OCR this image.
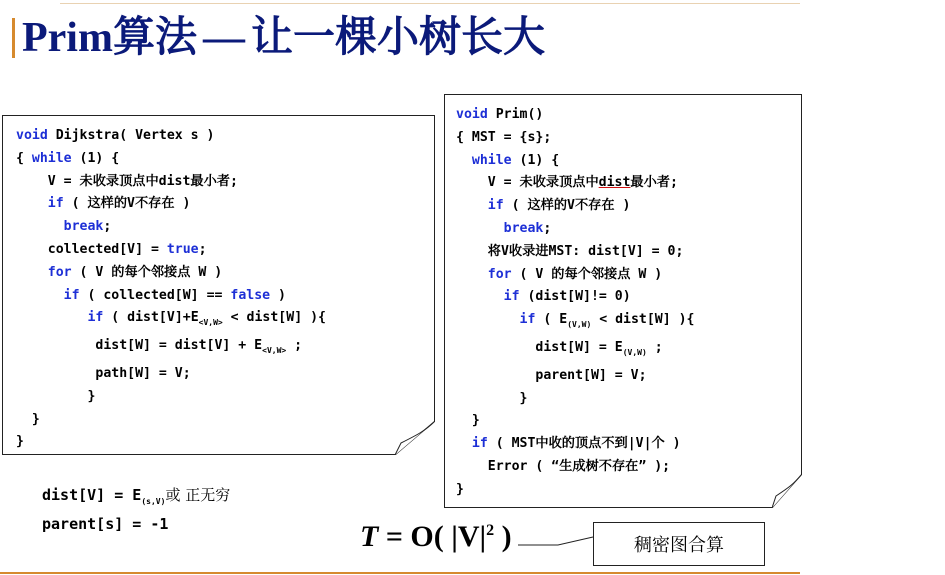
Prim算法 — 让一棵小树长大
void Dijkstra( Vertex s )
{ while (1) {
V = 未收录顶点中dist最小者;
if ( 这样的V不存在 )
break;
collected[V] = true;
for ( V 的每个邻接点 W )
if ( collected[W] == false )
if ( $dist[V]+E_{<V,W>}$ < dist[W] ){
dist[W] = dist[V] + $E_{<V,W>}$ ;
path[W] = V;
}
}
}
void Prim()
{ MST = {s};
while (1) {
V = 未收录顶点中dist最小者;
if ( 这样的V不存在 )
break;
将V收录进MST: dist[V] = 0;
for ( V 的每个邻接点 W )
if (dist[W]!= 0)
if ( $E_{(V,W)}$ < dist[W] ){
dist[W] = $E_{(V,W)}$ ;
parent[W] = V;
}
}
if ( MST中收的顶点不到|V|个 )
Error ( “生成树不存在” );
}
dist[V] = $E_{(s,V)}$或 正无穷
parent[s] = -1	T = O( $|V|^2$ )	稠密图合算
